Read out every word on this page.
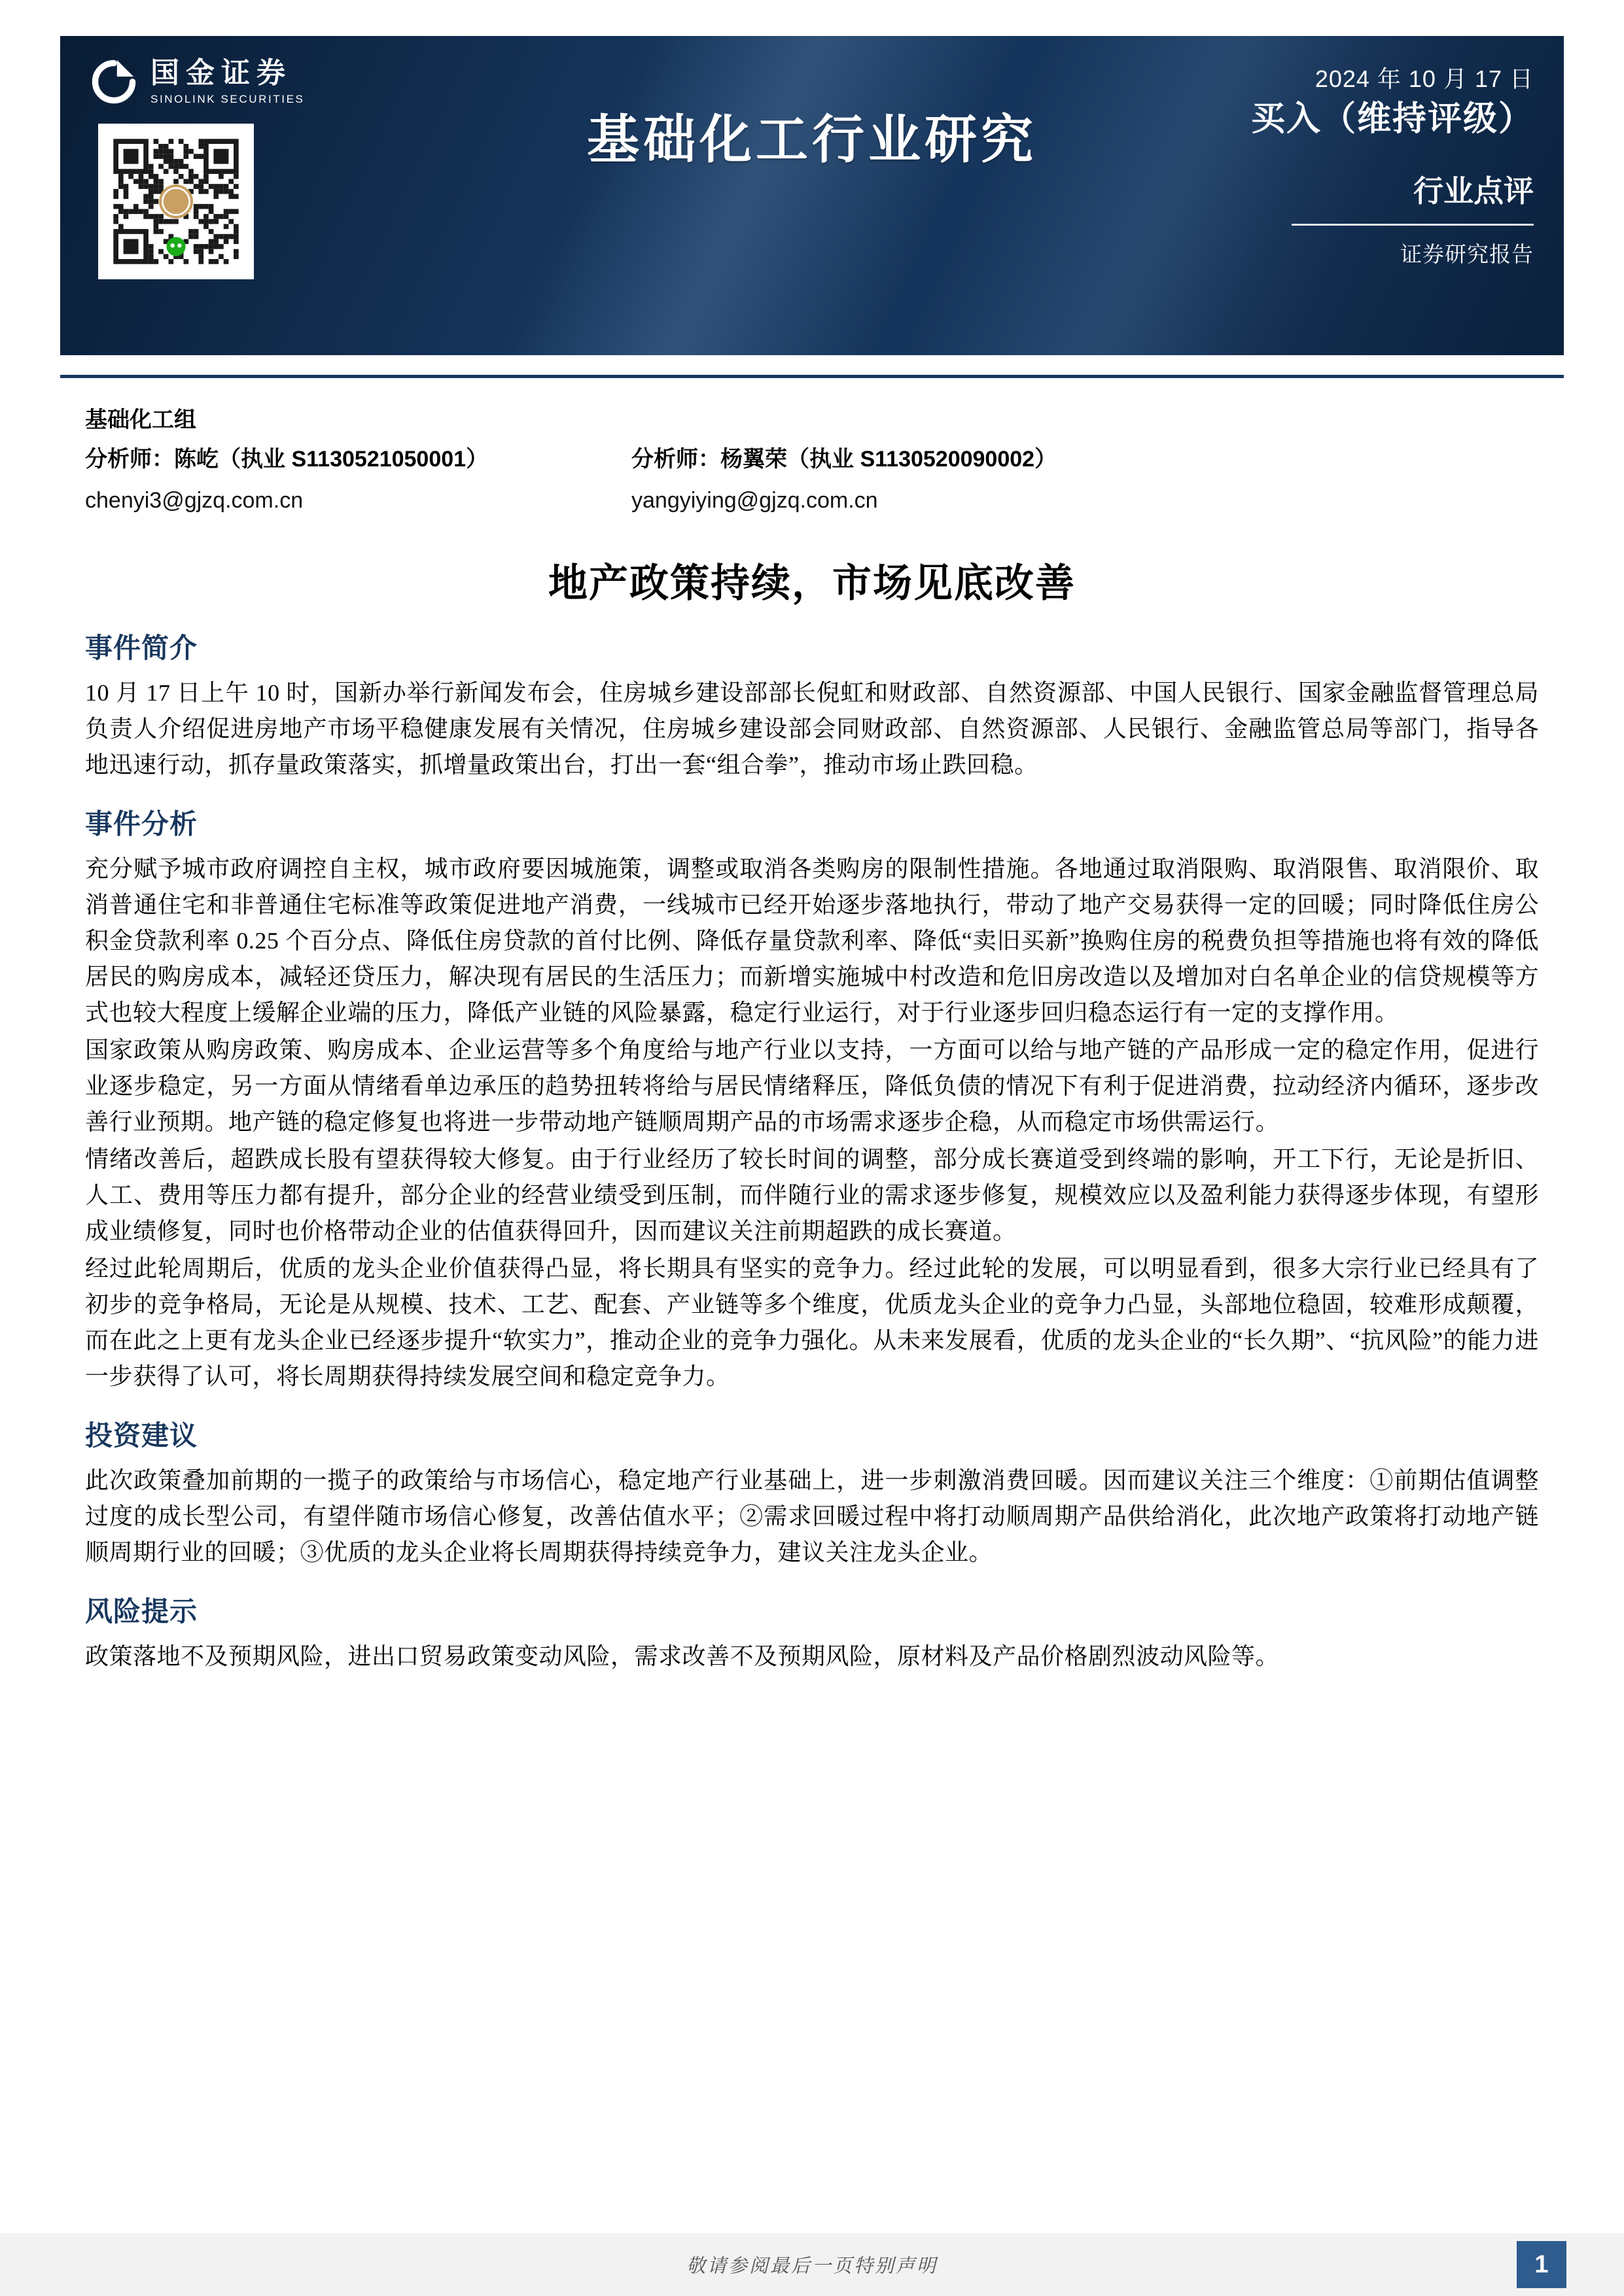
国金证券
SINOLINK SECURITIES
2024 年 10 月 17 日
基础化工行业研究	买入（维持评级）

行业点评
证券研究报告
基础化工组
分析师：陈屹（执业 S1130521050001）
chenyi3@gjzq.com.cn
分析师：杨翼荣（执业 S1130520090002）
yangyiying@gjzq.com.cn
地产政策持续，市场见底改善
事件简介

10 月 17 日上午 10 时，国新办举行新闻发布会，住房城乡建设部部长倪虹和财政部、自然资源部、中国人民银行、国家金融监督管理总局负责人介绍促进房地产市场平稳健康发展有关情况，住房城乡建设部会同财政部、自然资源部、人民银行、金融监管总局等部门，指导各地迅速行动，抓存量政策落实，抓增量政策出台，打出一套“组合拳”，推动市场止跌回稳。

事件分析

充分赋予城市政府调控自主权，城市政府要因城施策，调整或取消各类购房的限制性措施。各地通过取消限购、取消限售、取消限价、取消普通住宅和非普通住宅标准等政策促进地产消费，一线城市已经开始逐步落地执行，带动了地产交易获得一定的回暖；同时降低住房公积金贷款利率 0.25 个百分点、降低住房贷款的首付比例、降低存量贷款利率、降低“卖旧买新”换购住房的税费负担等措施也将有效的降低居民的购房成本，减轻还贷压力，解决现有居民的生活压力；而新增实施城中村改造和危旧房改造以及增加对白名单企业的信贷规模等方式也较大程度上缓解企业端的压力，降低产业链的风险暴露，稳定行业运行，对于行业逐步回归稳态运行有一定的支撑作用。

国家政策从购房政策、购房成本、企业运营等多个角度给与地产行业以支持，一方面可以给与地产链的产品形成一定的稳定作用，促进行业逐步稳定，另一方面从情绪看单边承压的趋势扭转将给与居民情绪释压，降低负债的情况下有利于促进消费，拉动经济内循环，逐步改善行业预期。地产链的稳定修复也将进一步带动地产链顺周期产品的市场需求逐步企稳，从而稳定市场供需运行。

情绪改善后，超跌成长股有望获得较大修复。由于行业经历了较长时间的调整，部分成长赛道受到终端的影响，开工下行，无论是折旧、人工、费用等压力都有提升，部分企业的经营业绩受到压制，而伴随行业的需求逐步修复，规模效应以及盈利能力获得逐步体现，有望形成业绩修复，同时也价格带动企业的估值获得回升，因而建议关注前期超跌的成长赛道。

经过此轮周期后，优质的龙头企业价值获得凸显，将长期具有坚实的竞争力。经过此轮的发展，可以明显看到，很多大宗行业已经具有了初步的竞争格局，无论是从规模、技术、工艺、配套、产业链等多个维度，优质龙头企业的竞争力凸显，头部地位稳固，较难形成颠覆，而在此之上更有龙头企业已经逐步提升“软实力”，推动企业的竞争力强化。从未来发展看，优质的龙头企业的“长久期”、“抗风险”的能力进一步获得了认可，将长周期获得持续发展空间和稳定竞争力。

投资建议

此次政策叠加前期的一揽子的政策给与市场信心，稳定地产行业基础上，进一步刺激消费回暖。因而建议关注三个维度：①前期估值调整过度的成长型公司，有望伴随市场信心修复，改善估值水平；②需求回暖过程中将打动顺周期产品供给消化，此次地产政策将打动地产链顺周期行业的回暖；③优质的龙头企业将长周期获得持续竞争力，建议关注龙头企业。

风险提示

政策落地不及预期风险，进出口贸易政策变动风险，需求改善不及预期风险，原材料及产品价格剧烈波动风险等。

敬请参阅最后一页特别声明	1
